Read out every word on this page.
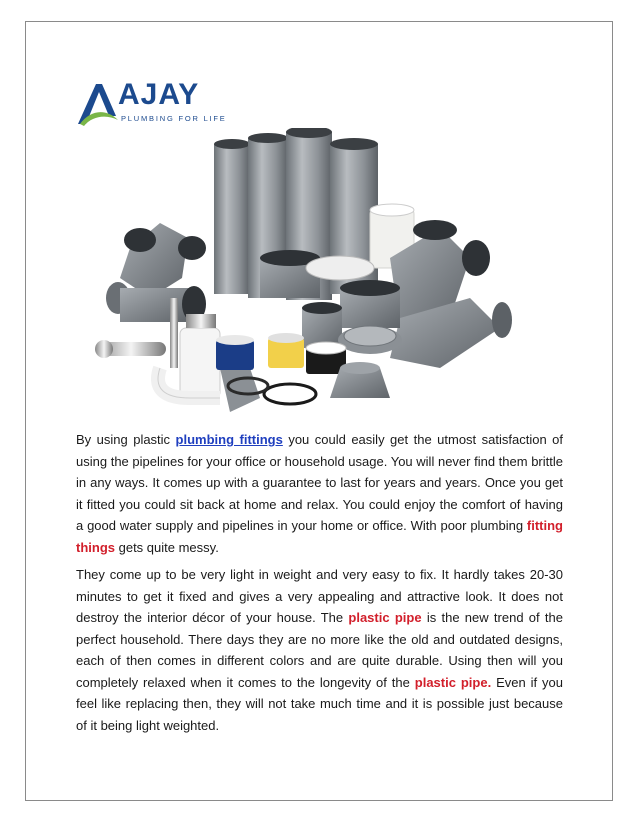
AJAY
PLUMBING FOR LIFE
By using plastic plumbing fittings you could easily get the utmost satisfaction of using the pipelines for your office or household usage. You will never find them brittle in any ways. It comes up with a guarantee to last for years and years. Once you get it fitted you could sit back at home and relax. You could enjoy the comfort of having a good water supply and pipelines in your home or office. With poor plumbing fitting things gets quite messy.
They come up to be very light in weight and very easy to fix. It hardly takes 20-30 minutes to get it fixed and gives a very appealing and attractive look. It does not destroy the interior décor of your house. The plastic pipe is the new trend of the perfect household. There days they are no more like the old and outdated designs, each of then comes in different colors and are quite durable. Using then will you completely relaxed when it comes to the longevity of the plastic pipe. Even if you feel like replacing then, they will not take much time and it is possible just because of it being light weighted.
